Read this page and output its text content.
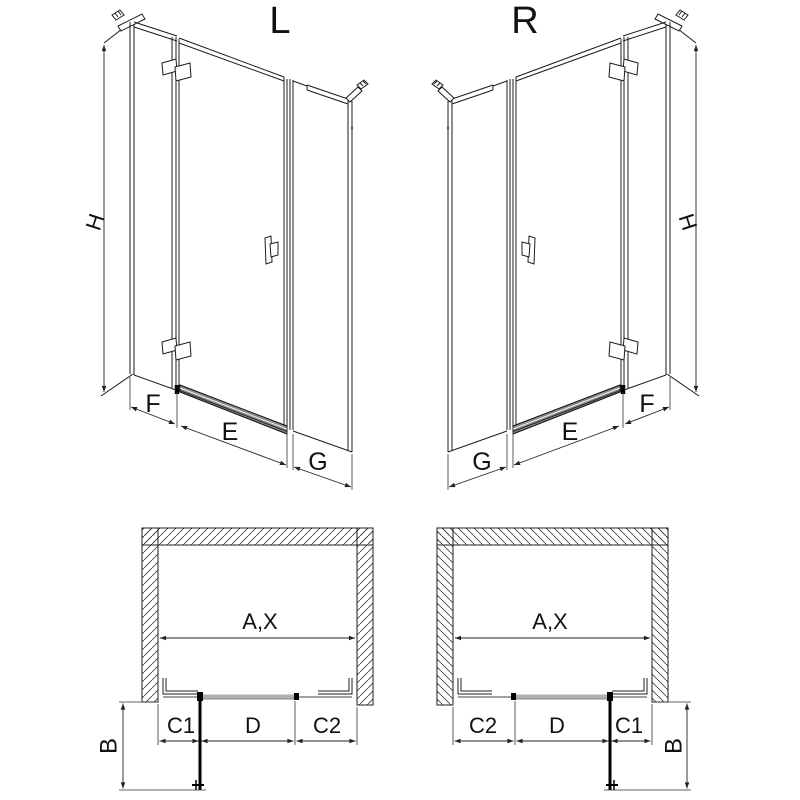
L	R
H
F
E
G
H
G
E
F
A,X
C1 D C2
B
A,X
C2 D C1
B
